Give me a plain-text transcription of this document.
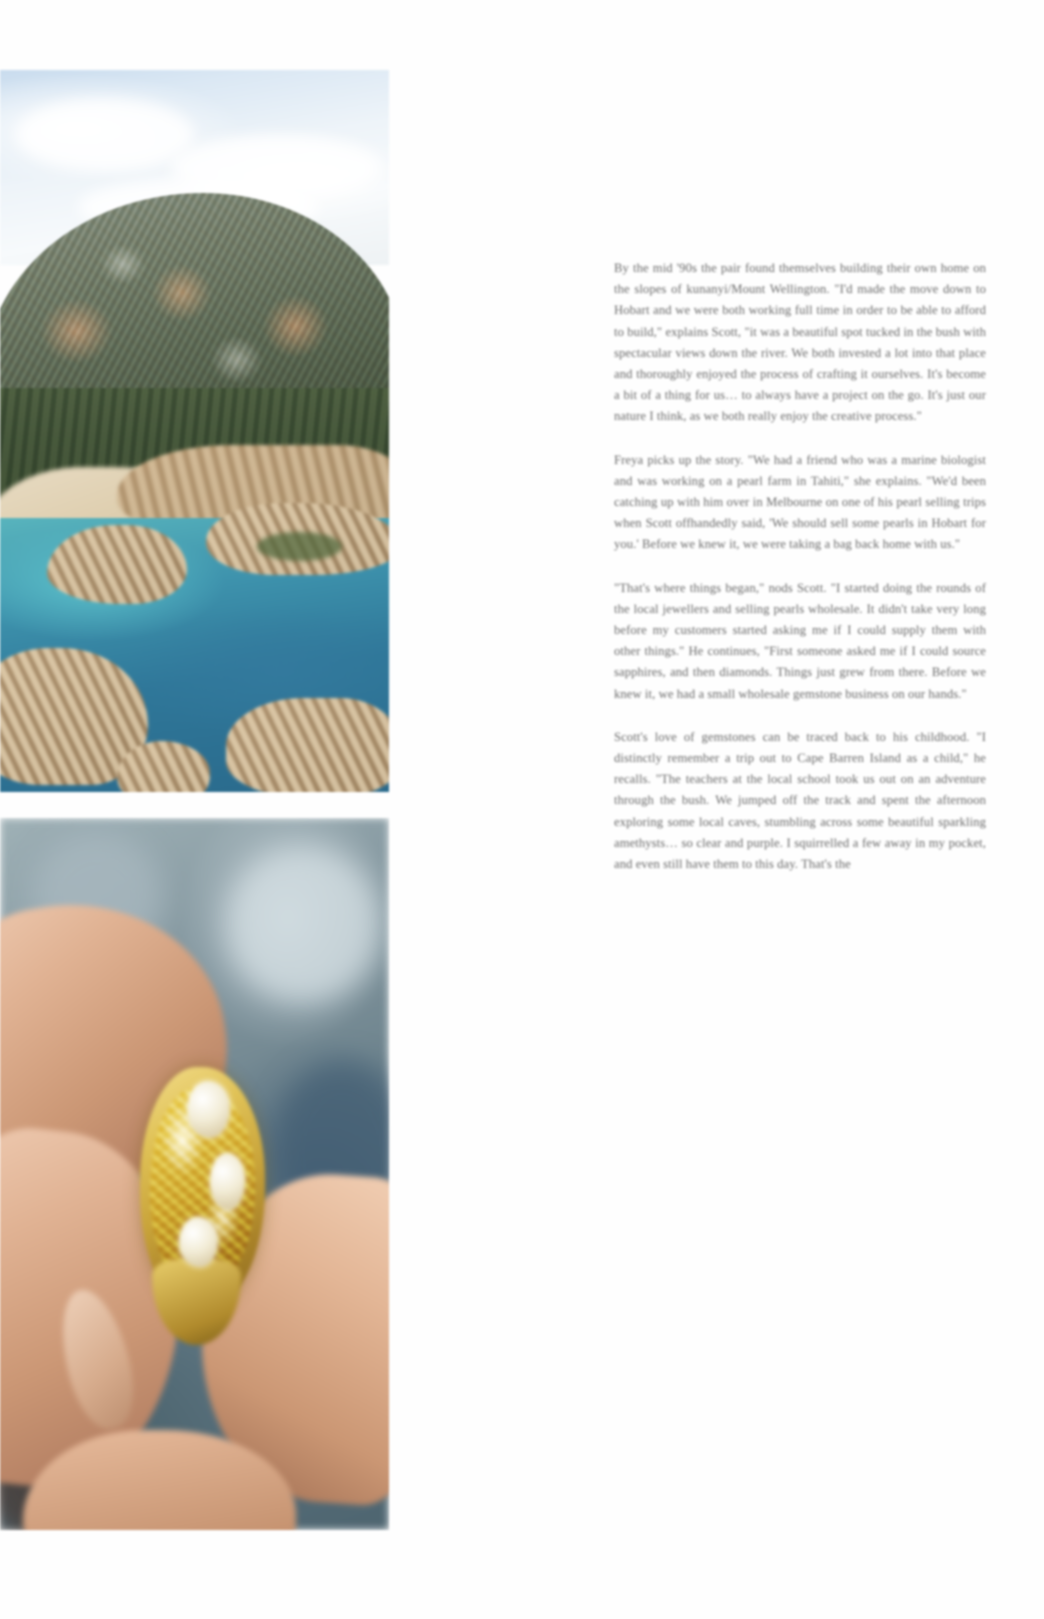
By the mid '90s the pair found themselves building their own home on the slopes of kunanyi/Mount Wellington. "I'd made the move down to Hobart and we were both working full time in order to be able to afford to build," explains Scott, "it was a beautiful spot tucked in the bush with spectacular views down the river. We both invested a lot into that place and thoroughly enjoyed the process of crafting it ourselves. It's become a bit of a thing for us… to always have a project on the go. It's just our nature I think, as we both really enjoy the creative process."

Freya picks up the story. "We had a friend who was a marine biologist and was working on a pearl farm in Tahiti," she explains. "We'd been catching up with him over in Melbourne on one of his pearl selling trips when Scott offhandedly said, 'We should sell some pearls in Hobart for you.' Before we knew it, we were taking a bag back home with us."

"That's where things began," nods Scott. "I started doing the rounds of the local jewellers and selling pearls wholesale. It didn't take very long before my customers started asking me if I could supply them with other things." He continues, "First someone asked me if I could source sapphires, and then diamonds. Things just grew from there. Before we knew it, we had a small wholesale gemstone business on our hands."

Scott's love of gemstones can be traced back to his childhood. "I distinctly remember a trip out to Cape Barren Island as a child," he recalls. "The teachers at the local school took us out on an adventure through the bush. We jumped off the track and spent the afternoon exploring some local caves, stumbling across some beautiful sparkling amethysts… so clear and purple. I squirrelled a few away in my pocket, and even still have them to this day. That's the
